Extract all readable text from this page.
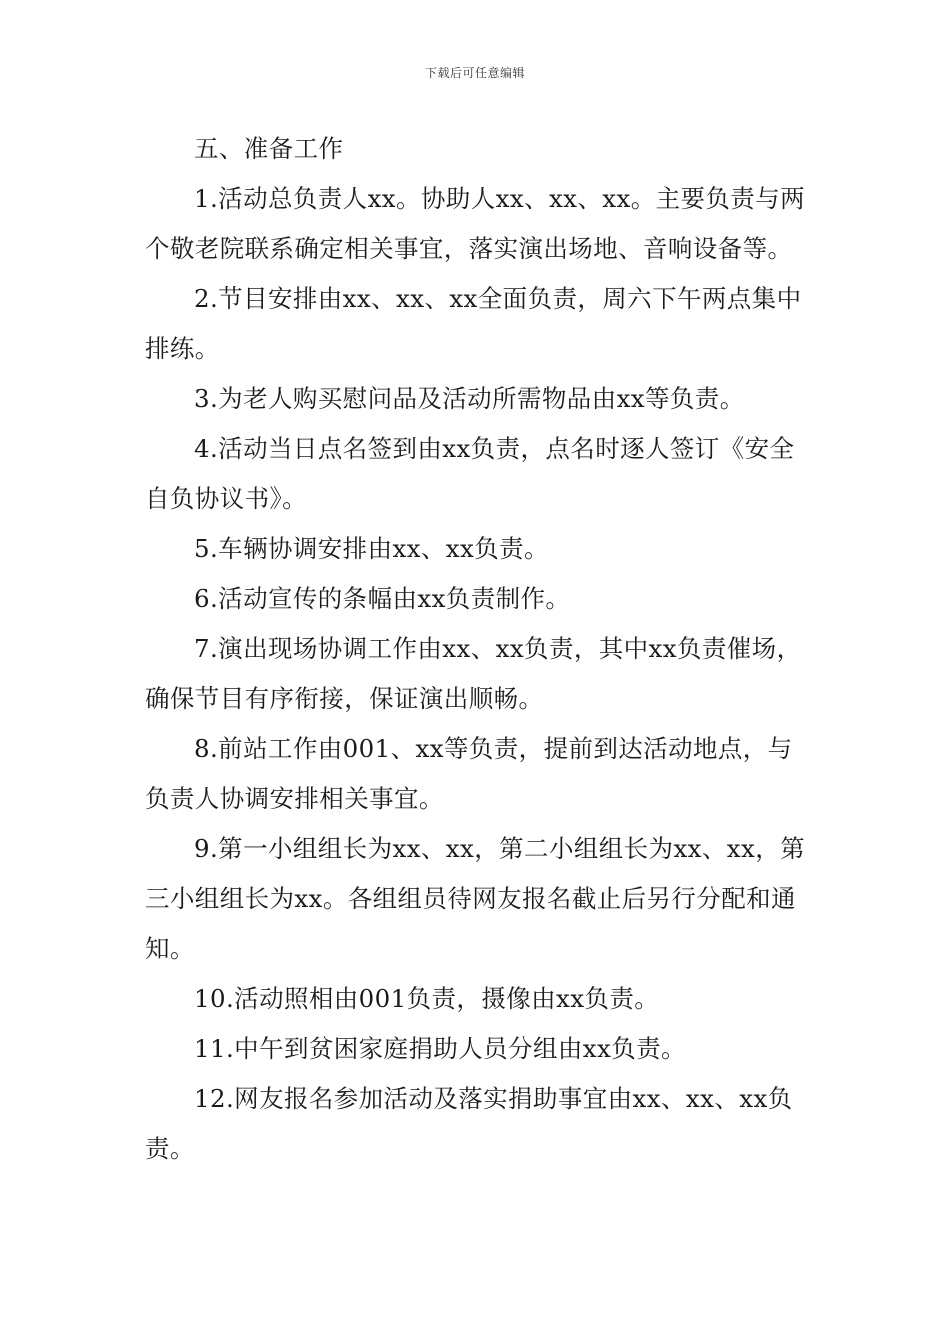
下载后可任意编辑

五、准备工作

1.活动总负责人xx。协助人xx、xx、xx。主要负责与两个敬老院联系确定相关事宜，落实演出场地、音响设备等。

2.节目安排由xx、xx、xx全面负责，周六下午两点集中排练。

3.为老人购买慰问品及活动所需物品由xx等负责。

4.活动当日点名签到由xx负责，点名时逐人签订《安全自负协议书》。

5.车辆协调安排由xx、xx负责。

6.活动宣传的条幅由xx负责制作。

7.演出现场协调工作由xx、xx负责，其中xx负责催场，确保节目有序衔接，保证演出顺畅。

8.前站工作由001、xx等负责，提前到达活动地点，与负责人协调安排相关事宜。

9.第一小组组长为xx、xx，第二小组组长为xx、xx，第三小组组长为xx。各组组员待网友报名截止后另行分配和通知。

10.活动照相由001负责，摄像由xx负责。

11.中午到贫困家庭捐助人员分组由xx负责。

12.网友报名参加活动及落实捐助事宜由xx、xx、xx负责。
